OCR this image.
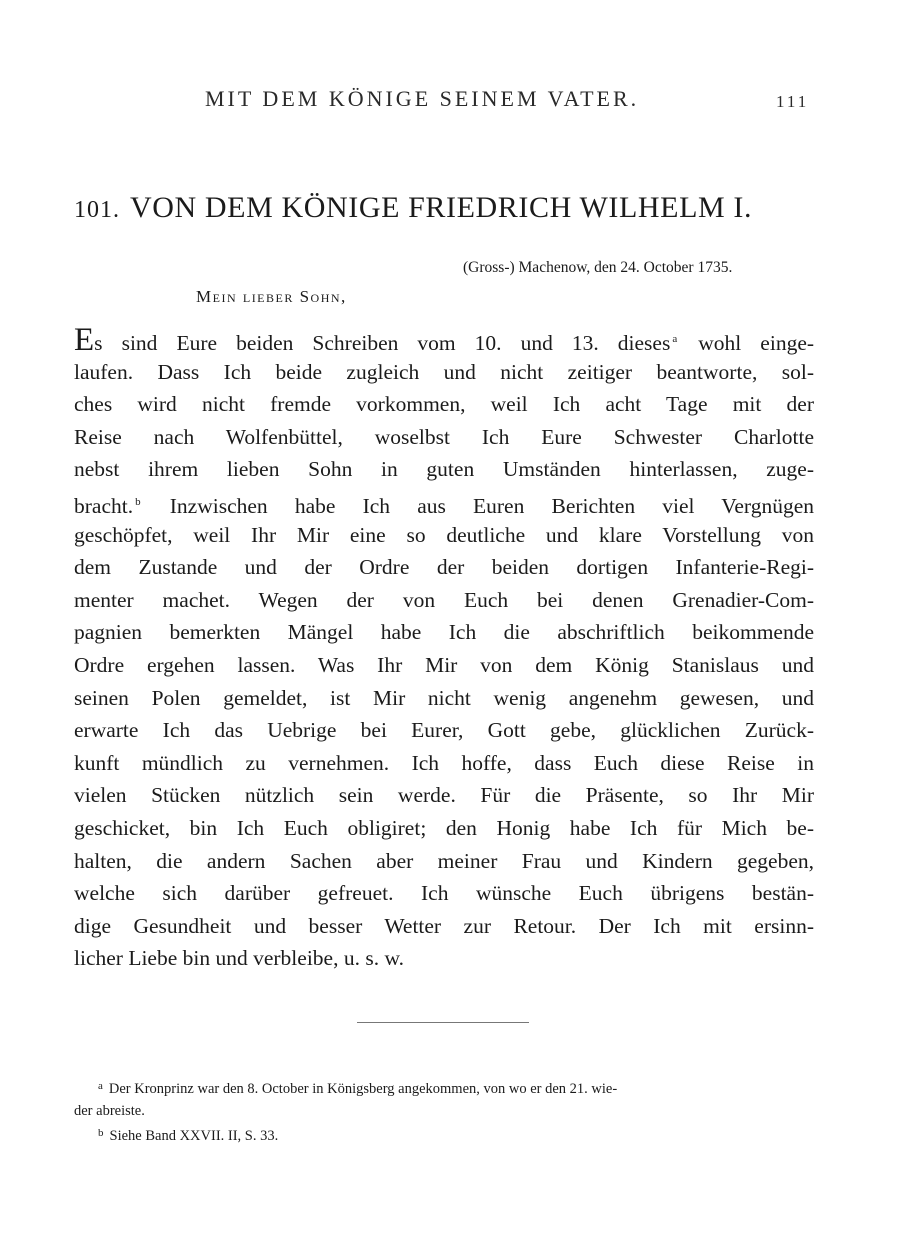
MIT DEM KÖNIGE SEINEM VATER.	111
101. VON DEM KÖNIGE FRIEDRICH WILHELM I.
(Gross-) Machenow, den 24. October 1735.
Mein lieber Sohn,
Es sind Eure beiden Schreiben vom 10. und 13. dieses $^a$ wohl einge-
laufen. Dass Ich beide zugleich und nicht zeitiger beantworte, sol-
ches wird nicht fremde vorkommen, weil Ich acht Tage mit der
Reise nach Wolfenbüttel, woselbst Ich Eure Schwester Charlotte
nebst ihrem lieben Sohn in guten Umständen hinterlassen, zuge-
bracht. $^b$ Inzwischen habe Ich aus Euren Berichten viel Vergnügen
geschöpfet, weil Ihr Mir eine so deutliche und klare Vorstellung von
dem Zustande und der Ordre der beiden dortigen Infanterie-Regi-
menter machet. Wegen der von Euch bei denen Grenadier-Com-
pagnien bemerkten Mängel habe Ich die abschriftlich beikommende
Ordre ergehen lassen. Was Ihr Mir von dem König Stanislaus und
seinen Polen gemeldet, ist Mir nicht wenig angenehm gewesen, und
erwarte Ich das Uebrige bei Eurer, Gott gebe, glücklichen Zurück-
kunft mündlich zu vernehmen. Ich hoffe, dass Euch diese Reise in
vielen Stücken nützlich sein werde. Für die Präsente, so Ihr Mir
geschicket, bin Ich Euch obligiret; den Honig habe Ich für Mich be-
halten, die andern Sachen aber meiner Frau und Kindern gegeben,
welche sich darüber gefreuet. Ich wünsche Euch übrigens bestän-
dige Gesundheit und besser Wetter zur Retour. Der Ich mit ersinn-
licher Liebe bin und verbleibe, u. s. w.
$^a$ Der Kronprinz war den 8. October in Königsberg angekommen, von wo er den 21. wie-
der abreiste.
$^b$ Siehe Band XXVII. II, S. 33.
